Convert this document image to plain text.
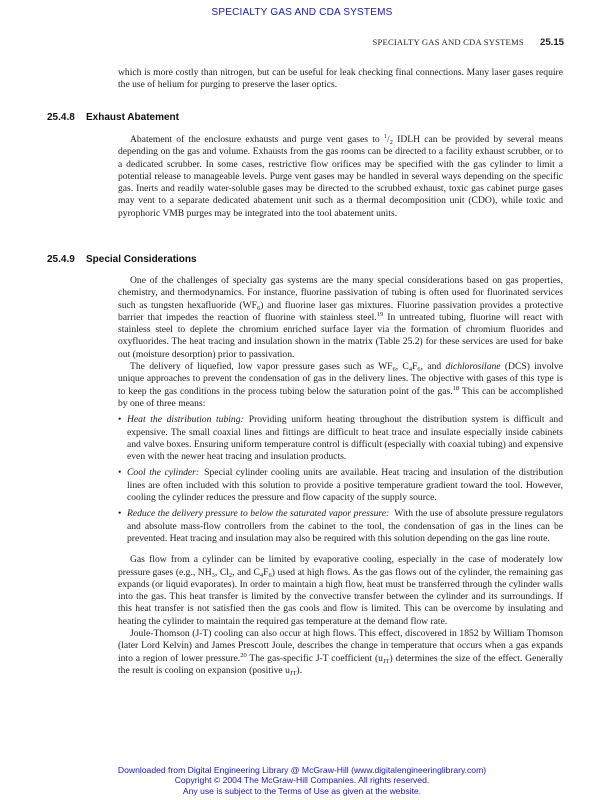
SPECIALTY GAS AND CDA SYSTEMS
SPECIALTY GAS AND CDA SYSTEMS 25.15

which is more costly than nitrogen, but can be useful for leak checking final connections. Many laser gases require the use of helium for purging to preserve the laser optics.

25.4.8 Exhaust Abatement

Abatement of the enclosure exhausts and purge vent gases to $^1/_2$ IDLH can be provided by several means depending on the gas and volume. Exhausts from the gas rooms can be directed to a facility exhaust scrubber, or to a dedicated scrubber. In some cases, restrictive flow orifices may be specified with the gas cylinder to limit a potential release to manageable levels. Purge vent gases may be handled in several ways depending on the specific gas. Inerts and readily water-soluble gases may be directed to the scrubbed exhaust, toxic gas cabinet purge gases may vent to a separate dedicated abatement unit such as a thermal decomposition unit (CDO), while toxic and pyrophoric VMB purges may be integrated into the tool abatement units.

25.4.9 Special Considerations

One of the challenges of specialty gas systems are the many special considerations based on gas properties, chemistry, and thermodynamics. For instance, fluorine passivation of tubing is often used for fluorinated services such as tungsten hexafluoride $(WF_6)$ and fluorine laser gas mixtures. Fluorine passivation provides a protective barrier that impedes the reaction of fluorine with stainless steel.$^{19}$ In untreated tubing, fluorine will react with stainless steel to deplete the chromium enriched surface layer via the formation of chromium fluorides and oxyfluorides. The heat tracing and insulation shown in the matrix (Table 25.2) for these services are used for bake out (moisture desorption) prior to passivation.

The delivery of liquefied, low vapor pressure gases such as $WF_6$, $C_4F_6$, and dichlorosilane (DCS) involve unique approaches to prevent the condensation of gas in the delivery lines. The objective with gases of this type is to keep the gas conditions in the process tubing below the saturation point of the gas.$^{18}$ This can be accomplished by one of three means:

• Heat the distribution tubing: Providing uniform heating throughout the distribution system is difficult and expensive. The small coaxial lines and fittings are difficult to heat trace and insulate especially inside cabinets and valve boxes. Ensuring uniform temperature control is difficult (especially with coaxial tubing) and expensive even with the newer heat tracing and insulation products.
• Cool the cylinder: Special cylinder cooling units are available. Heat tracing and insulation of the distribution lines are often included with this solution to provide a positive temperature gradient toward the tool. However, cooling the cylinder reduces the pressure and flow capacity of the supply source.
• Reduce the delivery pressure to below the saturated vapor pressure: With the use of absolute pressure regulators and absolute mass-flow controllers from the cabinet to the tool, the condensation of gas in the lines can be prevented. Heat tracing and insulation may also be required with this solution depending on the gas line route.

Gas flow from a cylinder can be limited by evaporative cooling, especially in the case of moderately low pressure gases (e.g., $NH_3$, $Cl_2$, and $C_4F_6$) used at high flows. As the gas flows out of the cylinder, the remaining gas expands (or liquid evaporates). In order to maintain a high flow, heat must be transferred through the cylinder walls into the gas. This heat transfer is limited by the convective transfer between the cylinder and its surroundings. If this heat transfer is not satisfied then the gas cools and flow is limited. This can be overcome by insulating and heating the cylinder to maintain the required gas temperature at the demand flow rate.

Joule-Thomson (J-T) cooling can also occur at high flows. This effect, discovered in 1852 by William Thomson (later Lord Kelvin) and James Prescott Joule, describes the change in temperature that occurs when a gas expands into a region of lower pressure.$^{20}$ The gas-specific J-T coefficient $(u_{JT})$ determines the size of the effect. Generally the result is cooling on expansion (positive $u_{JT}$).

Downloaded from Digital Engineering Library @ McGraw-Hill (www.digitalengineeringlibrary.com)
Copyright © 2004 The McGraw-Hill Companies. All rights reserved.
Any use is subject to the Terms of Use as given at the website.
